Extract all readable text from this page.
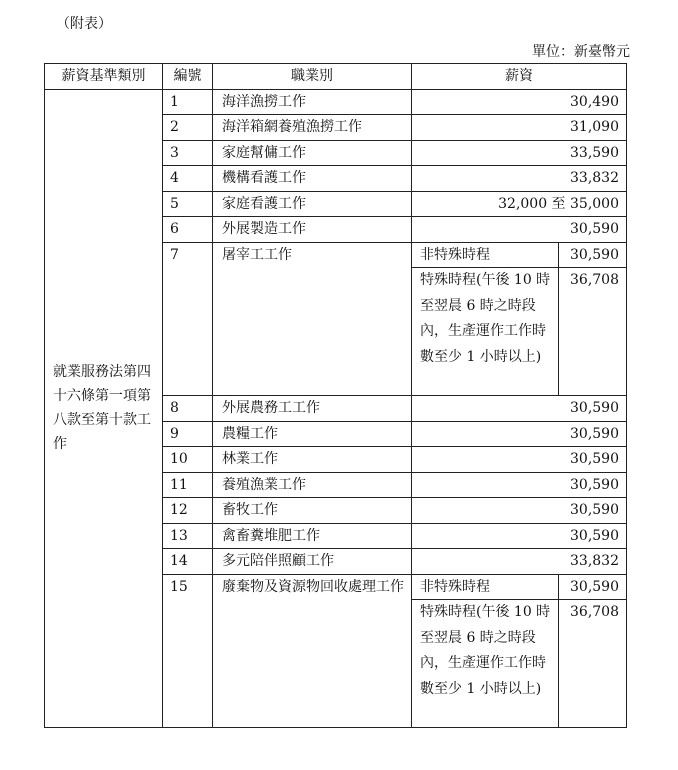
（附表）
單位：新臺幣元
薪資基準類別	編號	職業別	薪資	
就業服務法第四十六條第一項第八款至第十款工作	1	海洋漁撈工作	30,490	
	2	海洋箱網養殖漁撈工作	31,090	
	3	家庭幫傭工作	33,590	
	4	機構看護工作	33,832	
	5	家庭看護工作	32,000 至 35,000	
	6	外展製造工作	30,590	
	7	屠宰工工作	非特殊時程	30,590
			特殊時程(午後 10 時至翌晨 6 時之時段內，生產運作工作時數至少 1 小時以上)	36,708
	8	外展農務工工作	30,590	
	9	農糧工作	30,590	
	10	林業工作	30,590	
	11	養殖漁業工作	30,590	
	12	畜牧工作	30,590	
	13	禽畜糞堆肥工作	30,590	
	14	多元陪伴照顧工作	33,832	
	15	廢棄物及資源物回收處理工作	非特殊時程	30,590
			特殊時程(午後 10 時至翌晨 6 時之時段內，生產運作工作時數至少 1 小時以上)	36,708
